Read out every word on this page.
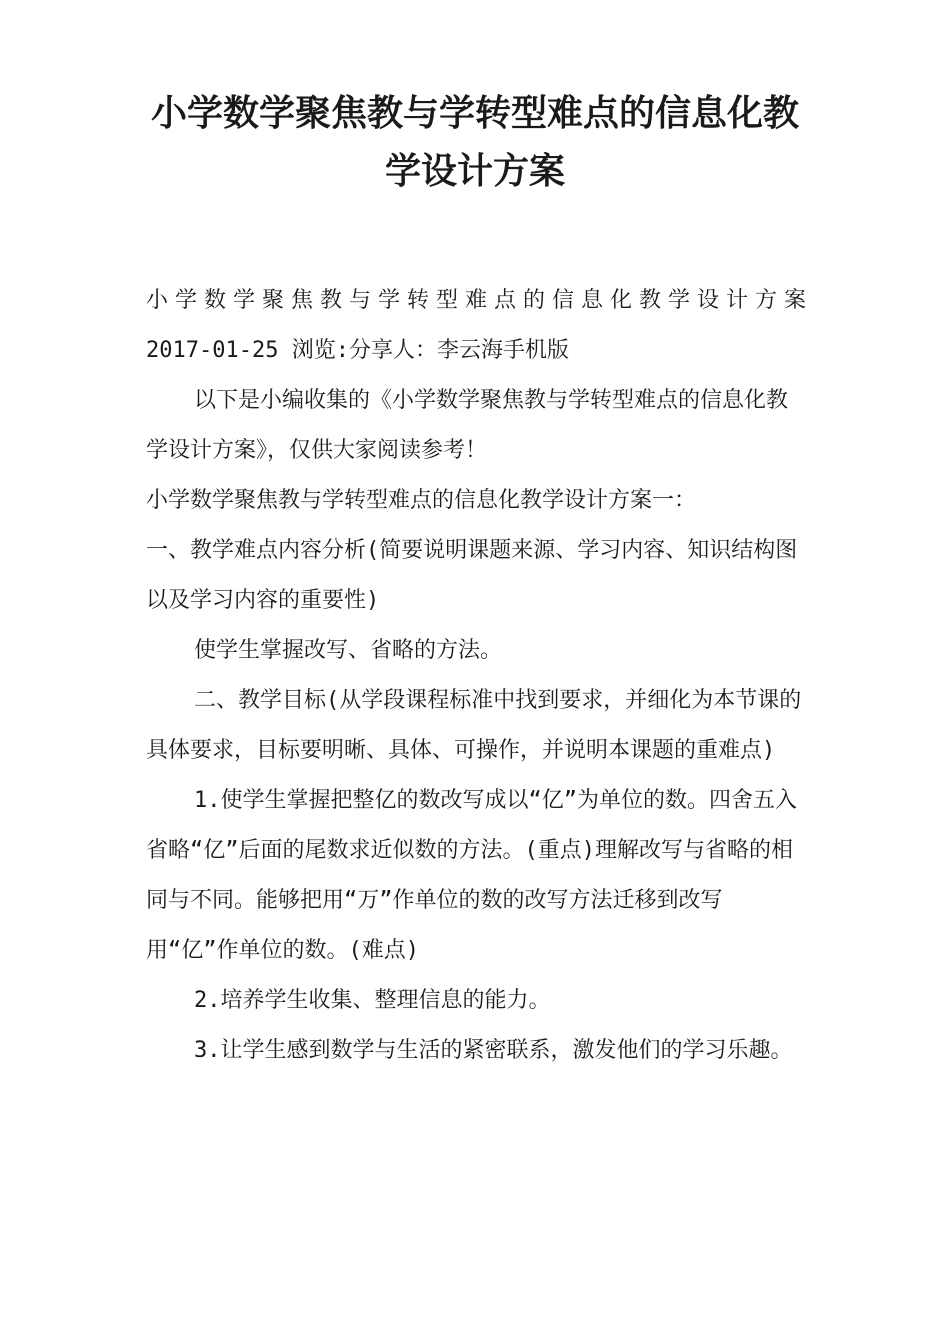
小学数学聚焦教与学转型难点的信息化教
学设计方案

小学数学聚焦教与学转型难点的信息化教学设计方案

2017-01-25 浏览:分享人：李云海手机版

以下是小编收集的《小学数学聚焦教与学转型难点的信息化教学设计方案》，仅供大家阅读参考！

小学数学聚焦教与学转型难点的信息化教学设计方案一：

一、教学难点内容分析(简要说明课题来源、学习内容、知识结构图以及学习内容的重要性)

使学生掌握改写、省略的方法。

二、教学目标(从学段课程标准中找到要求，并细化为本节课的具体要求，目标要明晰、具体、可操作，并说明本课题的重难点)

1.使学生掌握把整亿的数改写成以“亿”为单位的数。四舍五入省略“亿”后面的尾数求近似数的方法。(重点)理解改写与省略的相同与不同。能够把用“万”作单位的数的改写方法迁移到改写用“亿”作单位的数。(难点)

2.培养学生收集、整理信息的能力。

3.让学生感到数学与生活的紧密联系，激发他们的学习乐趣。
